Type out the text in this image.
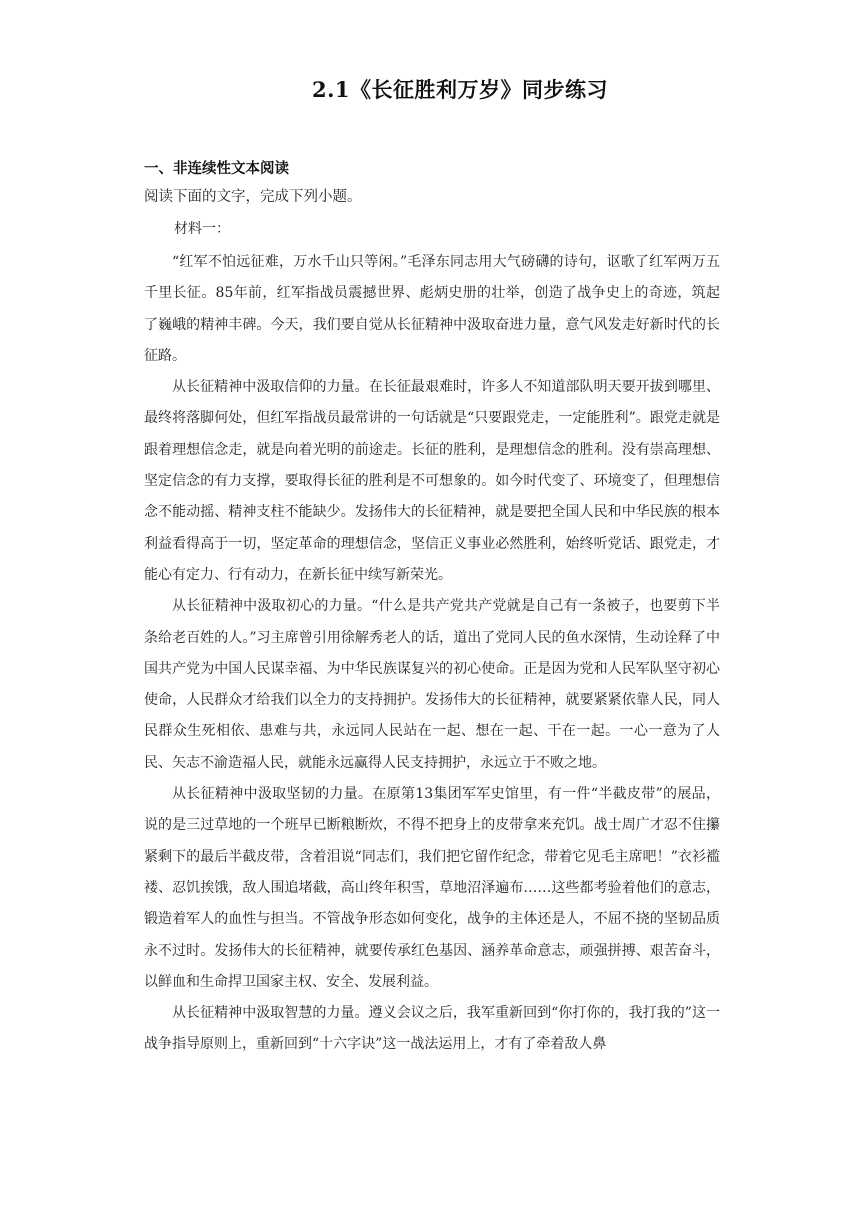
2.1《长征胜利万岁》同步练习
一、非连续性文本阅读
阅读下面的文字，完成下列小题。
材料一：

“红军不怕远征难，万水千山只等闲。”毛泽东同志用大气磅礴的诗句，讴歌了红军两万五千里长征。85年前，红军指战员震撼世界、彪炳史册的壮举，创造了战争史上的奇迹，筑起了巍峨的精神丰碑。今天，我们要自觉从长征精神中汲取奋进力量，意气风发走好新时代的长征路。

从长征精神中汲取信仰的力量。在长征最艰难时，许多人不知道部队明天要开拔到哪里、最终将落脚何处，但红军指战员最常讲的一句话就是“只要跟党走，一定能胜利”。跟党走就是跟着理想信念走，就是向着光明的前途走。长征的胜利，是理想信念的胜利。没有崇高理想、坚定信念的有力支撑，要取得长征的胜利是不可想象的。如今时代变了、环境变了，但理想信念不能动摇、精神支柱不能缺少。发扬伟大的长征精神，就是要把全国人民和中华民族的根本利益看得高于一切，坚定革命的理想信念，坚信正义事业必然胜利，始终听党话、跟党走，才能心有定力、行有动力，在新长征中续写新荣光。

从长征精神中汲取初心的力量。“什么是共产党共产党就是自己有一条被子，也要剪下半条给老百姓的人。”习主席曾引用徐解秀老人的话，道出了党同人民的鱼水深情，生动诠释了中国共产党为中国人民谋幸福、为中华民族谋复兴的初心使命。正是因为党和人民军队坚守初心使命，人民群众才给我们以全力的支持拥护。发扬伟大的长征精神，就要紧紧依靠人民，同人民群众生死相依、患难与共，永远同人民站在一起、想在一起、干在一起。一心一意为了人民、矢志不渝造福人民，就能永远赢得人民支持拥护，永远立于不败之地。

从长征精神中汲取坚韧的力量。在原第13集团军军史馆里，有一件“半截皮带”的展品，说的是三过草地的一个班早已断粮断炊，不得不把身上的皮带拿来充饥。战士周广才忍不住攥紧剩下的最后半截皮带，含着泪说“同志们，我们把它留作纪念，带着它见毛主席吧！”衣衫褴褛、忍饥挨饿，敌人围追堵截，高山终年积雪，草地沼泽遍布……这些都考验着他们的意志，锻造着军人的血性与担当。不管战争形态如何变化，战争的主体还是人，不屈不挠的坚韧品质永不过时。发扬伟大的长征精神，就要传承红色基因、涵养革命意志，顽强拼搏、艰苦奋斗，以鲜血和生命捍卫国家主权、安全、发展利益。

从长征精神中汲取智慧的力量。遵义会议之后，我军重新回到“你打你的，我打我的”这一战争指导原则上，重新回到“十六字诀”这一战法运用上，才有了牵着敌人鼻
